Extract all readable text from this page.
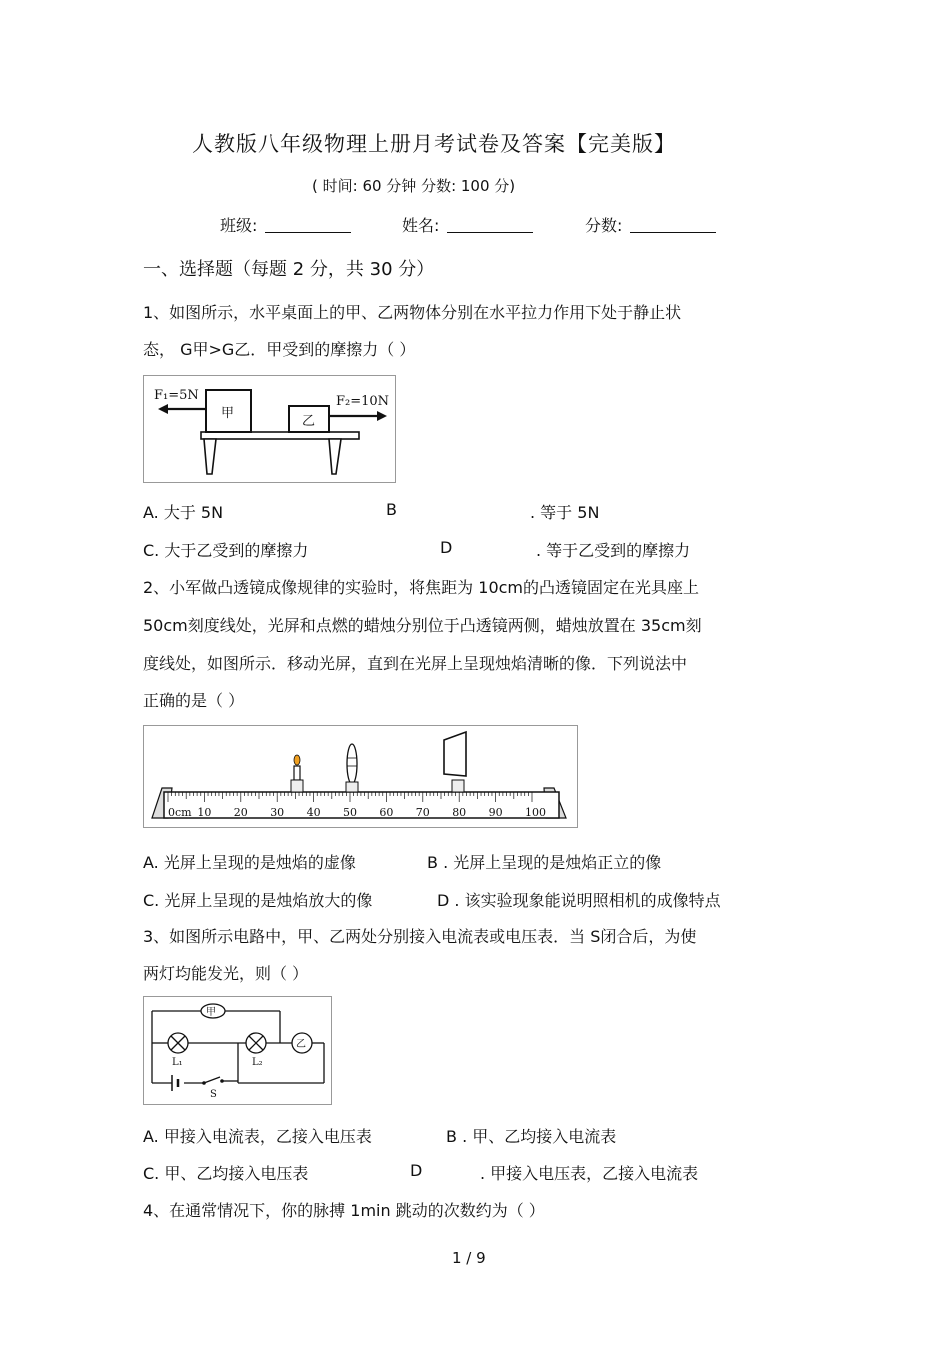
人教版八年级物理上册月考试卷及答案【完美版】
( 时间: 60 分钟 分数: 100 分)
班级:	姓名:	分数:
一、选择题（每题 2 分，共 30 分）
1、如图所示，水平桌面上的甲、乙两物体分别在水平拉力作用下处于静止状
态， G甲>G乙．甲受到的摩擦力（ ）
F₁=5N	F₂=10N
甲
乙
A. 大于 5N	B	. 等于 5N
C. 大于乙受到的摩擦力	D	. 等于乙受到的摩擦力
2、小军做凸透镜成像规律的实验时，将焦距为 10cm的凸透镜固定在光具座上
50cm刻度线处，光屏和点燃的蜡烛分别位于凸透镜两侧，蜡烛放置在 35cm刻
度线处，如图所示．移动光屏，直到在光屏上呈现烛焰清晰的像．下列说法中
正确的是（ ）
0cm 10 20 30 40 50 60 70 80 90 100
A. 光屏上呈现的是烛焰的虚像	B . 光屏上呈现的是烛焰正立的像
C. 光屏上呈现的是烛焰放大的像	D . 该实验现象能说明照相机的成像特点
3、如图所示电路中，甲、乙两处分别接入电流表或电压表．当 S闭合后，为使
两灯均能发光，则（ ）
甲
乙
L₁	L₂
S
A. 甲接入电流表，乙接入电压表	B . 甲、乙均接入电流表
C. 甲、乙均接入电压表	D	. 甲接入电压表，乙接入电流表
4、在通常情况下，你的脉搏 1min 跳动的次数约为（ ）
1 / 9
